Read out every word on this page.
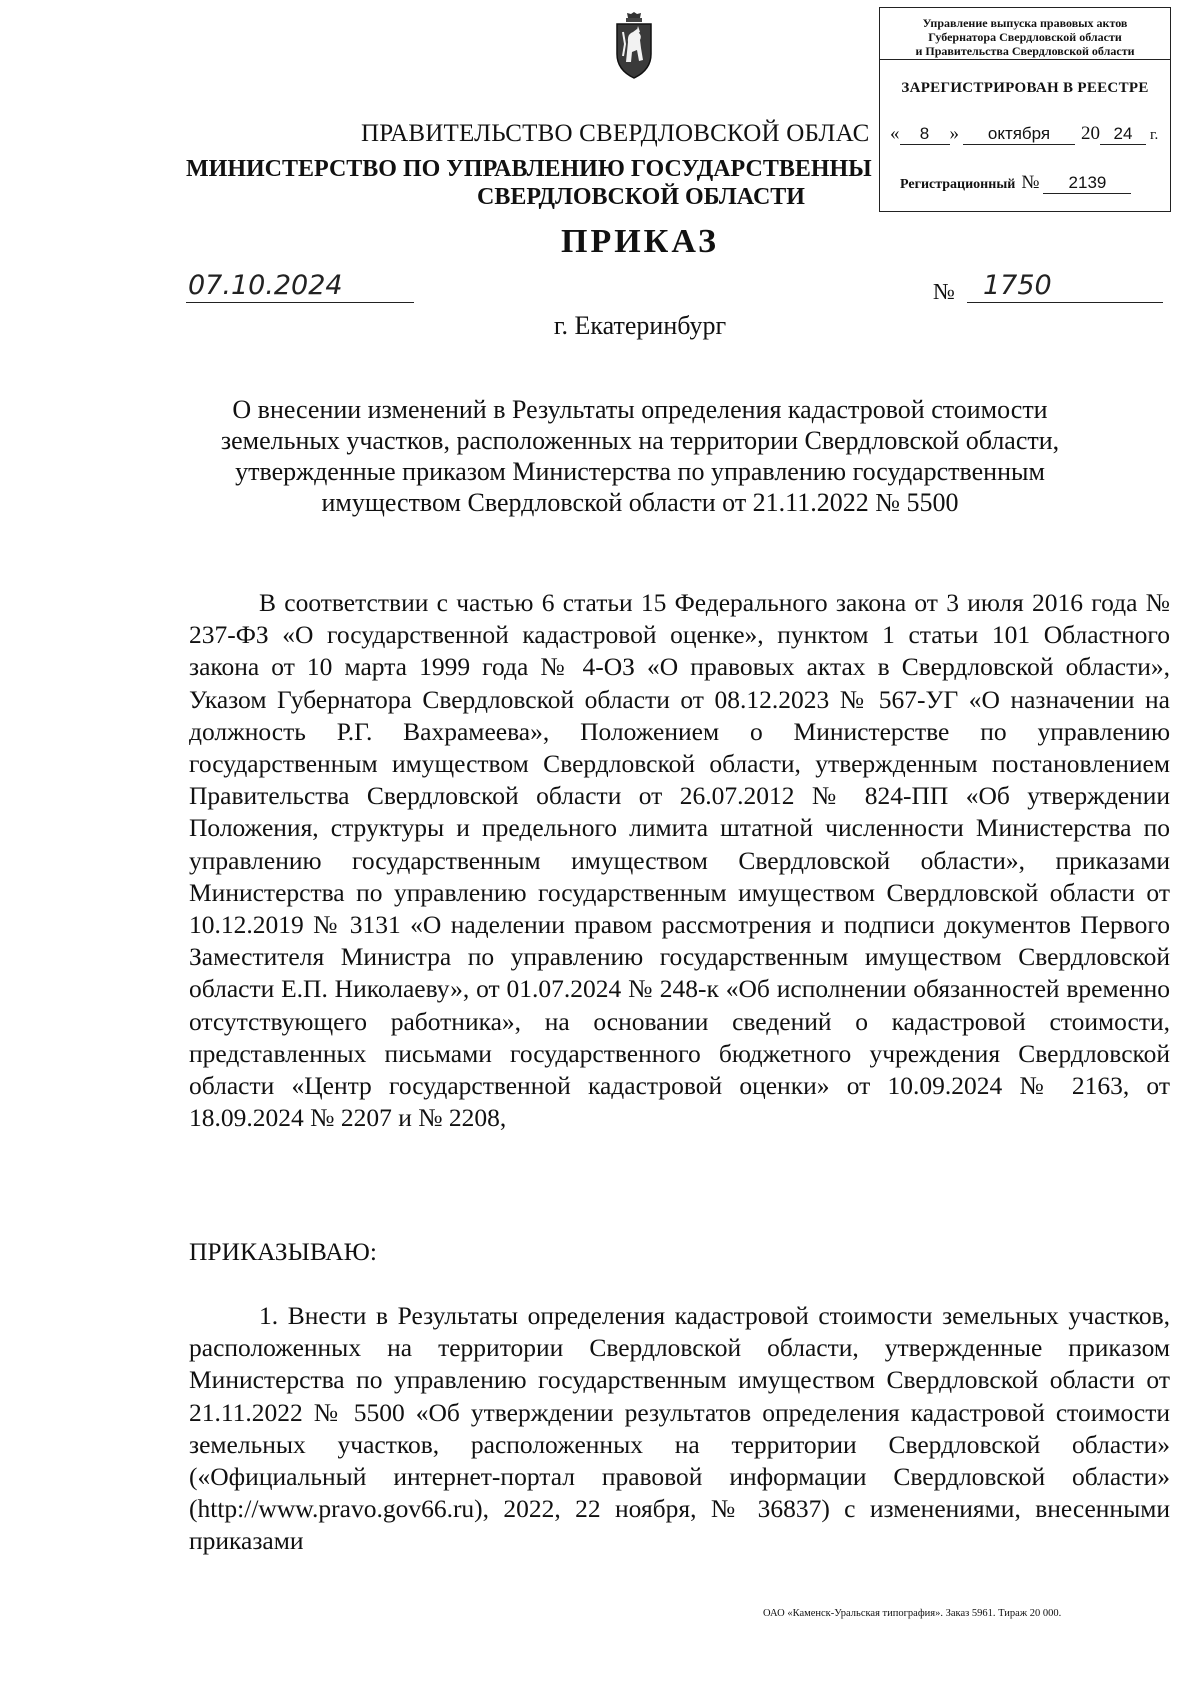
Управление выпуска правовых актов
Губернатора Свердловской области
и Правительства Свердловской области
ЗАРЕГИСТРИРОВАН В РЕЕСТРЕ
« 8 » октября 20 24 г.
Регистрационный № 2139
ПРАВИТЕЛЬСТВО СВЕРДЛОВСКОЙ ОБЛАС
МИНИСТЕРСТВО ПО УПРАВЛЕНИЮ ГОСУДАРСТВЕННЫ
СВЕРДЛОВСКОЙ ОБЛАСТИ
ПРИКАЗ
07.10.2024	№ 1750
г. Екатеринбург
О внесении изменений в Результаты определения кадастровой стоимости
земельных участков, расположенных на территории Свердловской области,
утвержденные приказом Министерства по управлению государственным
имуществом Свердловской области от 21.11.2022 № 5500
В соответствии с частью 6 статьи 15 Федерального закона от 3 июля 2016 года № 237-ФЗ «О государственной кадастровой оценке», пунктом 1 статьи 101 Областного закона от 10 марта 1999 года № 4-ОЗ «О правовых актах в Свердловской области», Указом Губернатора Свердловской области от 08.12.2023 № 567-УГ «О назначении на должность Р.Г. Вахрамеева», Положением о Министерстве по управлению государственным имуществом Свердловской области, утвержденным постановлением Правительства Свердловской области от 26.07.2012 № 824-ПП «Об утверждении Положения, структуры и предельного лимита штатной численности Министерства по управлению государственным имуществом Свердловской области», приказами Министерства по управлению государственным имуществом Свердловской области от 10.12.2019 № 3131 «О наделении правом рассмотрения и подписи документов Первого Заместителя Министра по управлению государственным имуществом Свердловской области Е.П. Николаеву», от 01.07.2024 № 248-к «Об исполнении обязанностей временно отсутствующего работника», на основании сведений о кадастровой стоимости, представленных письмами государственного бюджетного учреждения Свердловской области «Центр государственной кадастровой оценки» от 10.09.2024 № 2163, от 18.09.2024 № 2207 и № 2208,
ПРИКАЗЫВАЮ:
1. Внести в Результаты определения кадастровой стоимости земельных участков, расположенных на территории Свердловской области, утвержденные приказом Министерства по управлению государственным имуществом Свердловской области от 21.11.2022 № 5500 «Об утверждении результатов определения кадастровой стоимости земельных участков, расположенных на территории Свердловской области» («Официальный интернет-портал правовой информации Свердловской области» (http://www.pravo.gov66.ru), 2022, 22 ноября, № 36837) с изменениями, внесенными приказами
ОАО «Каменск-Уральская типография». Заказ 5961. Тираж 20 000.
